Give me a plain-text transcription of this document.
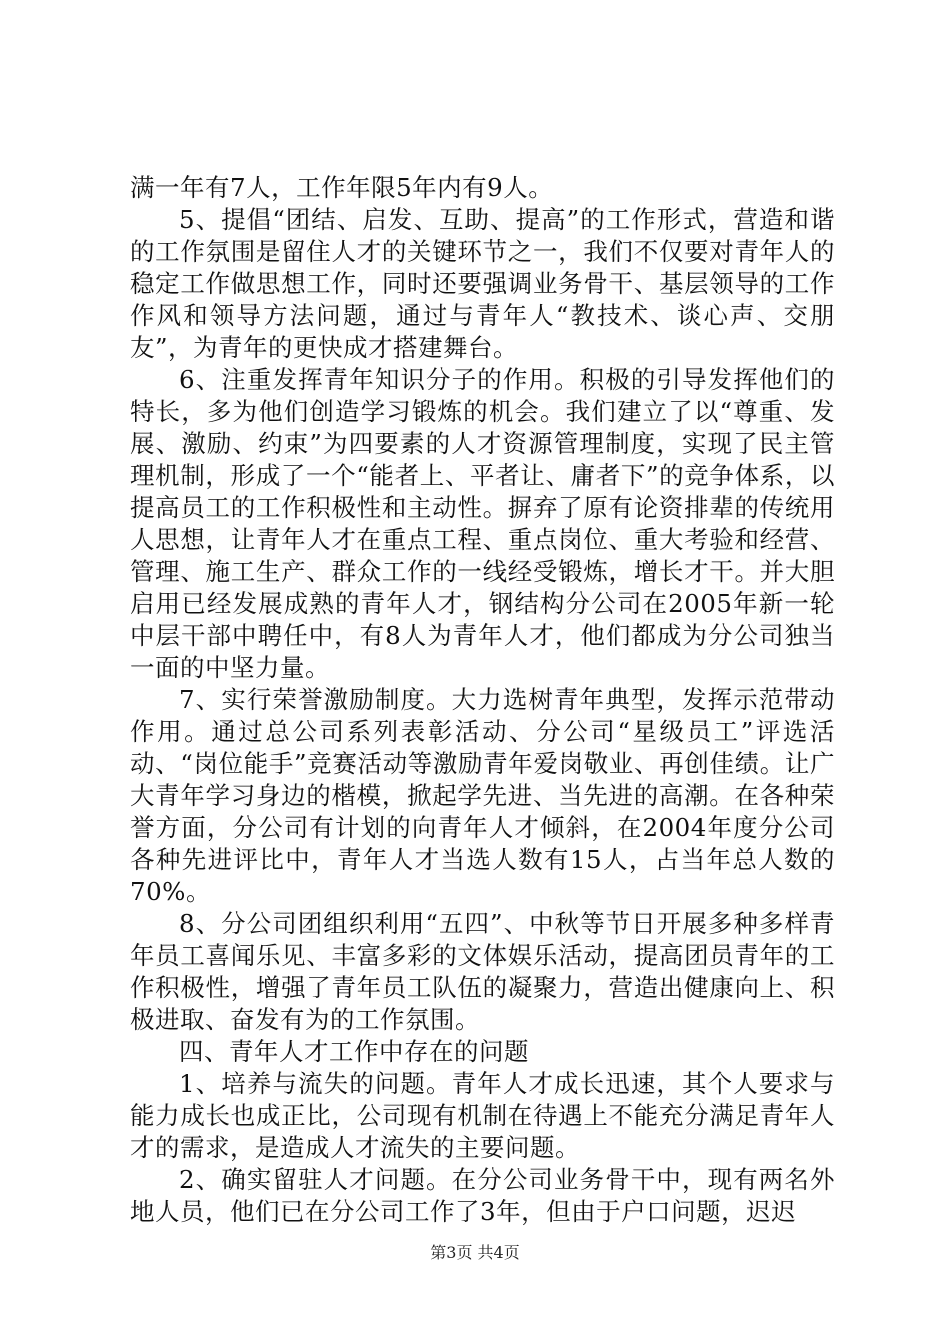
满一年有7人，工作年限5年内有9人。

5、提倡“团结、启发、互助、提高”的工作形式，营造和谐的工作氛围是留住人才的关键环节之一，我们不仅要对青年人的稳定工作做思想工作，同时还要强调业务骨干、基层领导的工作作风和领导方法问题，通过与青年人“教技术、谈心声、交朋友”，为青年的更快成才搭建舞台。

6、注重发挥青年知识分子的作用。积极的引导发挥他们的特长，多为他们创造学习锻炼的机会。我们建立了以“尊重、发展、激励、约束”为四要素的人才资源管理制度，实现了民主管理机制，形成了一个“能者上、平者让、庸者下”的竞争体系，以提高员工的工作积极性和主动性。摒弃了原有论资排辈的传统用人思想，让青年人才在重点工程、重点岗位、重大考验和经营、管理、施工生产、群众工作的一线经受锻炼，增长才干。并大胆启用已经发展成熟的青年人才，钢结构分公司在2005年新一轮中层干部中聘任中，有8人为青年人才，他们都成为分公司独当一面的中坚力量。

7、实行荣誉激励制度。大力选树青年典型，发挥示范带动作用。通过总公司系列表彰活动、分公司“星级员工”评选活动、“岗位能手”竞赛活动等激励青年爱岗敬业、再创佳绩。让广大青年学习身边的楷模，掀起学先进、当先进的高潮。在各种荣誉方面，分公司有计划的向青年人才倾斜，在2004年度分公司各种先进评比中，青年人才当选人数有15人，占当年总人数的70%。

8、分公司团组织利用“五四”、中秋等节日开展多种多样青年员工喜闻乐见、丰富多彩的文体娱乐活动，提高团员青年的工作积极性，增强了青年员工队伍的凝聚力，营造出健康向上、积极进取、奋发有为的工作氛围。

四、青年人才工作中存在的问题

1、培养与流失的问题。青年人才成长迅速，其个人要求与能力成长也成正比，公司现有机制在待遇上不能充分满足青年人才的需求，是造成人才流失的主要问题。

2、确实留驻人才问题。在分公司业务骨干中，现有两名外地人员，他们已在分公司工作了3年，但由于户口问题，迟迟

第3页 共4页
